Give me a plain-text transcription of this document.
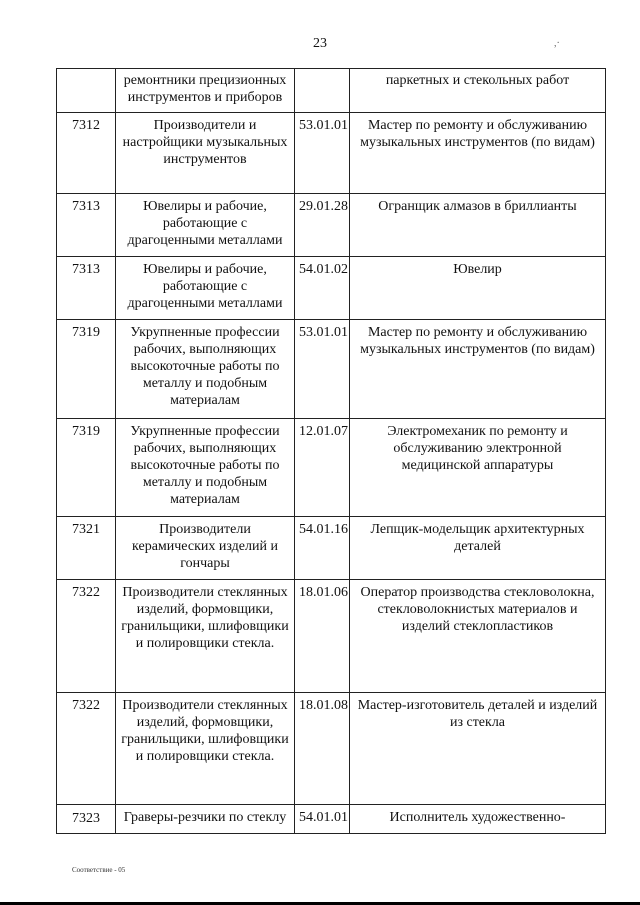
23	,·
	ремонтники прецизионных инструментов и приборов		паркетных и стекольных работ
7312	Производители и настройщики музыкальных инструментов	53.01.01	Мастер по ремонту и обслуживанию музыкальных инструментов (по видам)
7313	Ювелиры и рабочие, работающие с драгоценными металлами	29.01.28	Огранщик алмазов в бриллианты
7313	Ювелиры и рабочие, работающие с драгоценными металлами	54.01.02	Ювелир
7319	Укрупненные профессии рабочих, выполняющих высокоточные работы по металлу и подобным материалам	53.01.01	Мастер по ремонту и обслуживанию музыкальных инструментов (по видам)
7319	Укрупненные профессии рабочих, выполняющих высокоточные работы по металлу и подобным материалам	12.01.07	Электромеханик по ремонту и обслуживанию электронной медицинской аппаратуры
7321	Производители керамических изделий и гончары	54.01.16	Лепщик-модельщик архитектурных деталей
7322	Производители стеклянных изделий, формовщики, гранильщики, шлифовщики и полировщики стекла.	18.01.06	Оператор производства стекловолокна, стекловолокнистых материалов и изделий стеклопластиков
7322	Производители стеклянных изделий, формовщики, гранильщики, шлифовщики и полировщики стекла.	18.01.08	Мастер-изготовитель деталей и изделий из стекла
7323	Граверы-резчики по стеклу	54.01.01	Исполнитель художественно-
Соответствие - 05
